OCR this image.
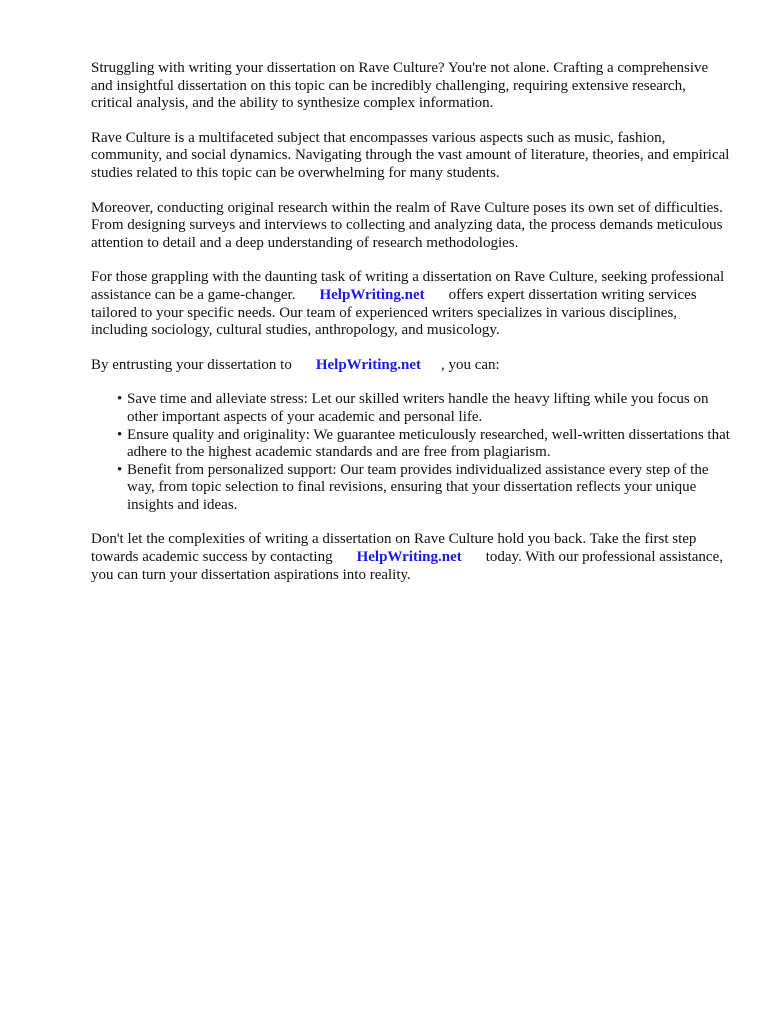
Struggling with writing your dissertation on Rave Culture? You're not alone. Crafting a comprehensive and insightful dissertation on this topic can be incredibly challenging, requiring extensive research, critical analysis, and the ability to synthesize complex information.

Rave Culture is a multifaceted subject that encompasses various aspects such as music, fashion, community, and social dynamics. Navigating through the vast amount of literature, theories, and empirical studies related to this topic can be overwhelming for many students.

Moreover, conducting original research within the realm of Rave Culture poses its own set of difficulties. From designing surveys and interviews to collecting and analyzing data, the process demands meticulous attention to detail and a deep understanding of research methodologies.

For those grappling with the daunting task of writing a dissertation on Rave Culture, seeking professional assistance can be a game-changer. HelpWriting.net offers expert dissertation writing services tailored to your specific needs. Our team of experienced writers specializes in various disciplines, including sociology, cultural studies, anthropology, and musicology.

By entrusting your dissertation to HelpWriting.net , you can:

• Save time and alleviate stress: Let our skilled writers handle the heavy lifting while you focus on other important aspects of your academic and personal life.
• Ensure quality and originality: We guarantee meticulously researched, well-written dissertations that adhere to the highest academic standards and are free from plagiarism.
• Benefit from personalized support: Our team provides individualized assistance every step of the way, from topic selection to final revisions, ensuring that your dissertation reflects your unique insights and ideas.

Don't let the complexities of writing a dissertation on Rave Culture hold you back. Take the first step towards academic success by contacting HelpWriting.net today. With our professional assistance, you can turn your dissertation aspirations into reality.
